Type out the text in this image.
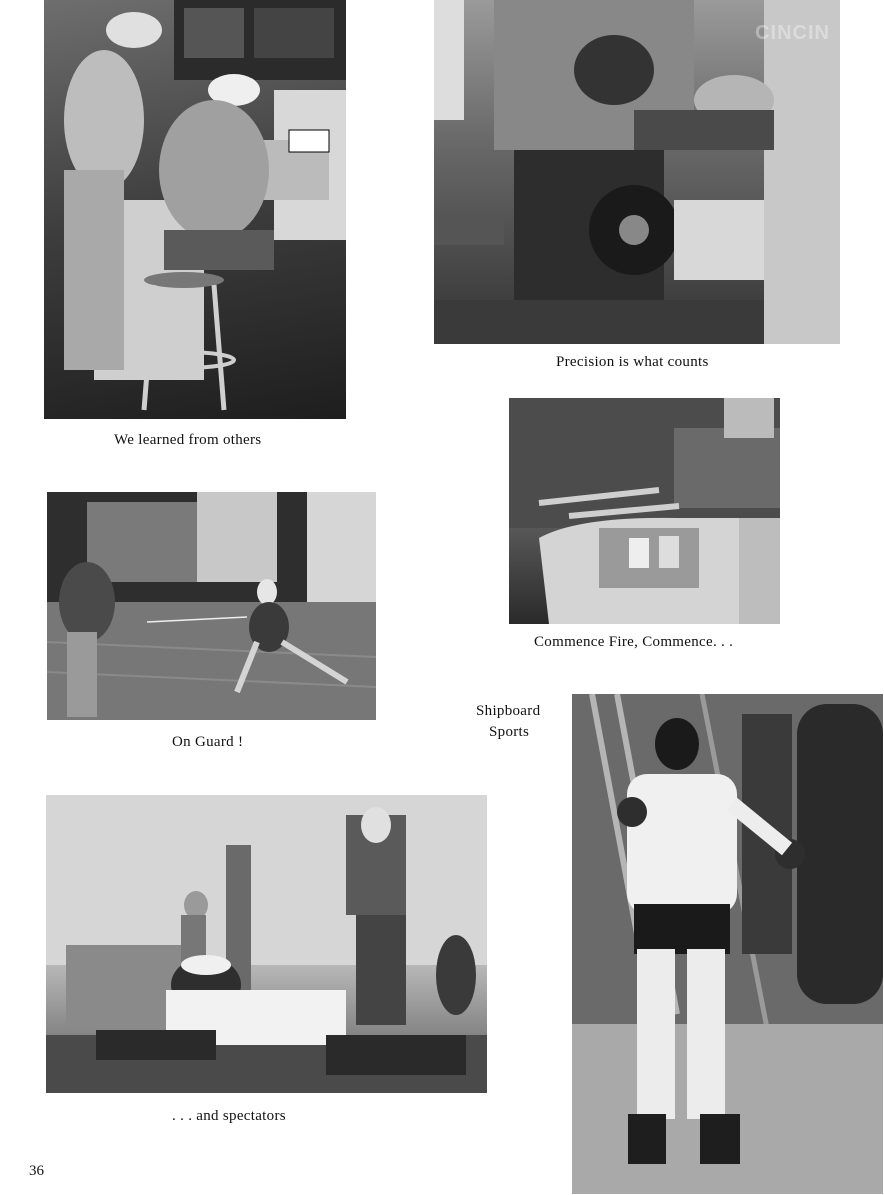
We learned from others
CINCIN
Precision is what counts
Commence Fire, Commence. . .
On Guard !
Shipboard
Sports
. . . and spectators
36
